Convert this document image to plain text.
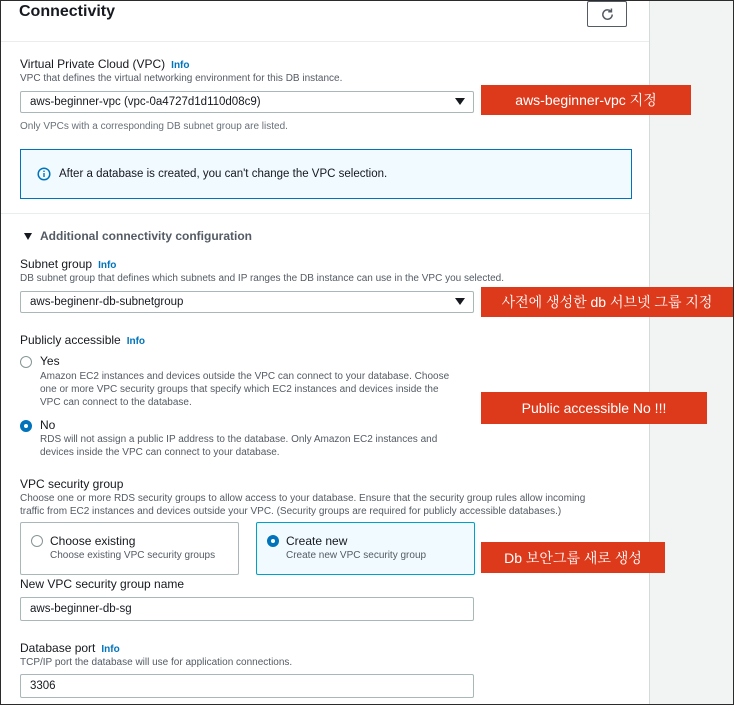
Connectivity
Virtual Private Cloud (VPC) Info
VPC that defines the virtual networking environment for this DB instance.
aws-beginner-vpc (vpc-0a4727d1d110d08c9)
Only VPCs with a corresponding DB subnet group are listed.
After a database is created, you can't change the VPC selection.
Additional connectivity configuration
Subnet group Info
DB subnet group that defines which subnets and IP ranges the DB instance can use in the VPC you selected.
aws-beginenr-db-subnetgroup
Publicly accessible Info
Yes
Amazon EC2 instances and devices outside the VPC can connect to your database. Choose
one or more VPC security groups that specify which EC2 instances and devices inside the
VPC can connect to the database.
No
RDS will not assign a public IP address to the database. Only Amazon EC2 instances and
devices inside the VPC can connect to your database.
VPC security group
Choose one or more RDS security groups to allow access to your database. Ensure that the security group rules allow incoming
traffic from EC2 instances and devices outside your VPC. (Security groups are required for publicly accessible databases.)
Choose existing
Choose existing VPC security groups
Create new
Create new VPC security group
New VPC security group name
aws-beginner-db-sg
Database port Info
TCP/IP port the database will use for application connections.
3306
aws-beginner-vpc 지정
사전에 생성한 db 서브넷 그룹 지정
Public accessible No !!!
Db 보안그룹 새로 생성
